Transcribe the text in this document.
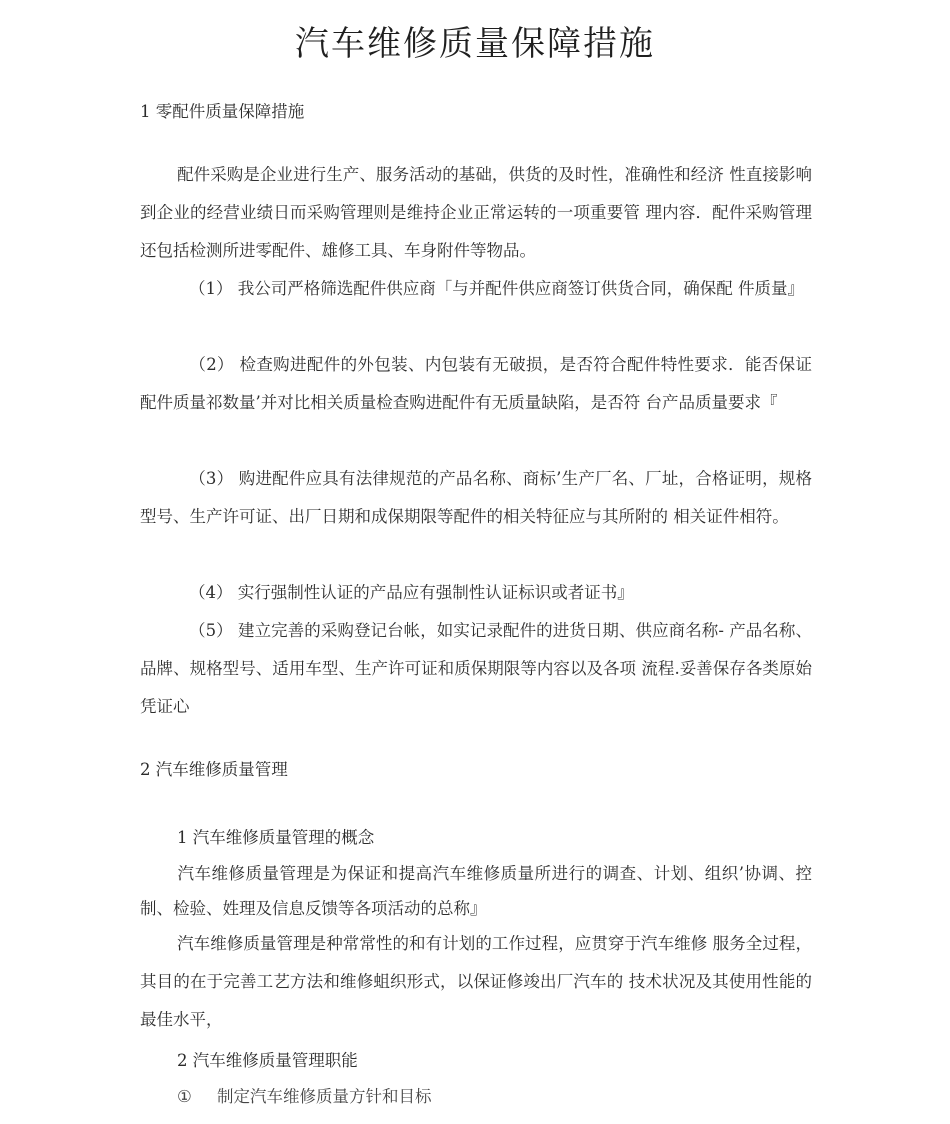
汽车维修质量保障措施
1 零配件质量保障措施

配件采购是企业进行生产、服务活动的基础，供货的及时性，准确性和经济 性直接影响到企业的经营业绩日而采购管理则是维持企业正常运转的一项重要管 理内容．配件采购管理还包括检测所进零配件、雄修工具、车身附件等物品。

（1） 我公司严格筛选配件供应商「与并配件供应商签订供货合同，确保配 件质量』

（2） 检查购进配件的外包装、内包装有无破损，是否符合配件特性要求．能否保证配件质量祁数量’并对比相关质量检查购进配件有无质量缺陷，是否符 台产品质量要求『

（3） 购进配件应具有法律规范的产品名称、商标’生产厂名、厂址，合格证明，规格型号、生产许可证、出厂日期和成保期限等配件的相关特征应与其所附的 相关证件相符。

（4） 实行强制性认证的产品应有强制性认证标识或者证书』

（5） 建立完善的采购登记台帐，如实记录配件的进货日期、供应商名称- 产品名称、品牌、规格型号、适用车型、生产许可证和质保期限等内容以及各项 流程.妥善保存各类原始凭证心

2 汽车维修质量管理
1 汽车维修质量管理的概念

汽车维修质量管理是为保证和提高汽车维修质量所进行的调查、计划、组织’协调、控制、检验、姓理及信息反馈等各项活动的总称』

汽车维修质量管理是种常常性的和有计划的工作过程，应贯穿于汽车维修 服务全过程，其目的在于完善工艺方法和维修蛆织形式，以保证修竣出厂汽车的 技术状况及其使用性能的最佳水平，

2 汽车维修质量管理职能
① 制定汽车维修质量方针和目标
